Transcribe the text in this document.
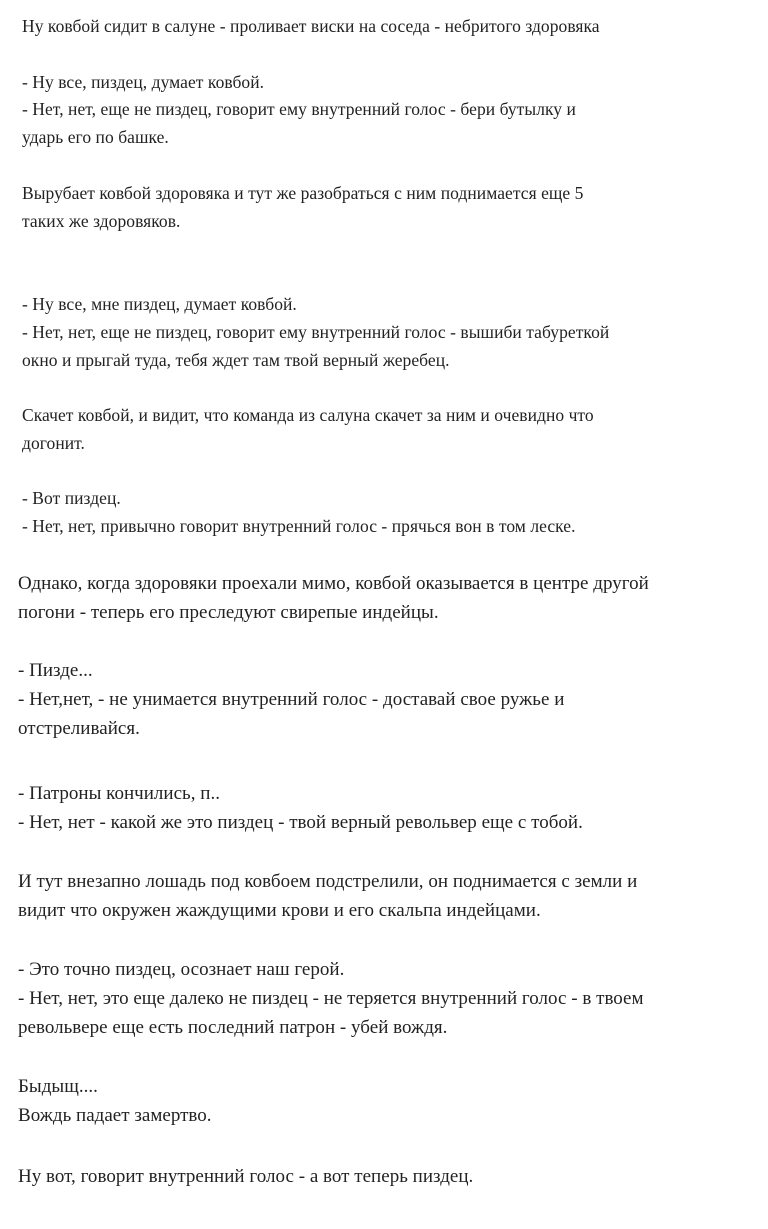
Ну ковбой сидит в салуне - проливает виски на соседа - небритого здоровяка

- Ну все, пиздец, думает ковбой.

- Нет, нет, еще не пиздец, говорит ему внутренний голос - бери бутылку и

ударь его по башке.

Вырубает ковбой здоровяка и тут же разобраться с ним поднимается еще 5

таких же здоровяков.

- Ну все, мне пиздец, думает ковбой.

- Нет, нет, еще не пиздец, говорит ему внутренний голос - вышиби табуреткой

окно и прыгай туда, тебя ждет там твой верный жеребец.

Скачет ковбой, и видит, что команда из салуна скачет за ним и очевидно что

догонит.

- Вот пиздец.

- Нет, нет, привычно говорит внутренний голос - прячься вон в том леске.

Однако, когда здоровяки проехали мимо, ковбой оказывается в центре другой

погони - теперь его преследуют свирепые индейцы.

- Пизде...

- Нет,нет, - не унимается внутренний голос - доставай свое ружье и

отстреливайся.

- Патроны кончились, п..

- Нет, нет - какой же это пиздец - твой верный револьвер еще с тобой.

И тут внезапно лошадь под ковбоем подстрелили, он поднимается с земли и

видит что окружен жаждущими крови и его скальпа индейцами.

- Это точно пиздец, осознает наш герой.

- Нет, нет, это еще далеко не пиздец - не теряется внутренний голос - в твоем

револьвере еще есть последний патрон - убей вождя.

Быдыщ....

Вождь падает замертво.

Ну вот, говорит внутренний голос - а вот теперь пиздец.
